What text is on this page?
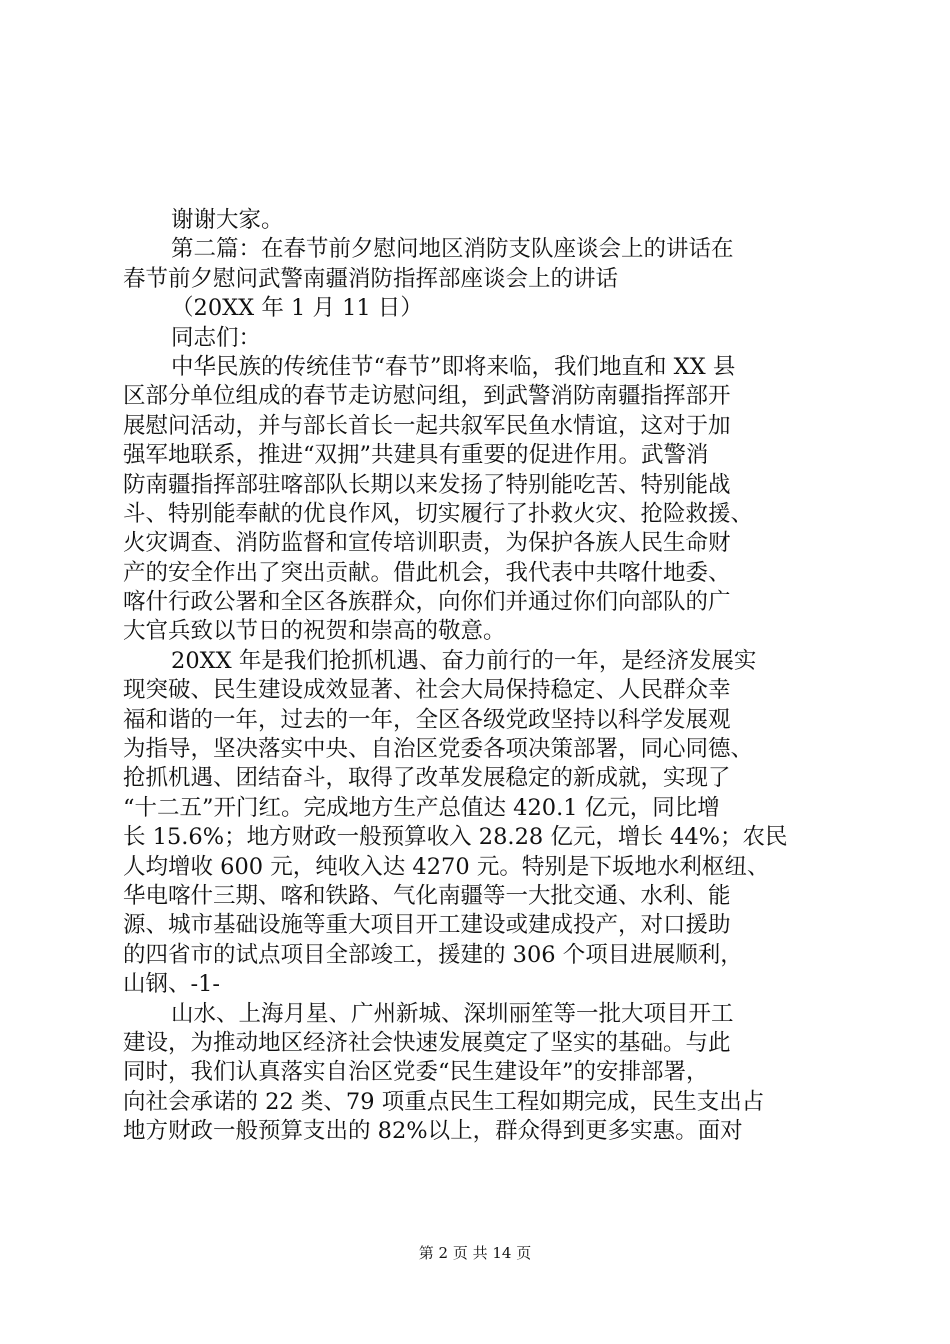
谢谢大家。
第二篇：在春节前夕慰问地区消防支队座谈会上的讲话在
春节前夕慰问武警南疆消防指挥部座谈会上的讲话
（20XX 年 1 月 11 日）
同志们：
中华民族的传统佳节“春节”即将来临，我们地直和 XX 县
区部分单位组成的春节走访慰问组，到武警消防南疆指挥部开
展慰问活动，并与部长首长一起共叙军民鱼水情谊，这对于加
强军地联系，推进“双拥”共建具有重要的促进作用。武警消
防南疆指挥部驻喀部队长期以来发扬了特别能吃苦、特别能战
斗、特别能奉献的优良作风，切实履行了扑救火灾、抢险救援、
火灾调查、消防监督和宣传培训职责，为保护各族人民生命财
产的安全作出了突出贡献。借此机会，我代表中共喀什地委、
喀什行政公署和全区各族群众，向你们并通过你们向部队的广
大官兵致以节日的祝贺和崇高的敬意。
20XX 年是我们抢抓机遇、奋力前行的一年，是经济发展实
现突破、民生建设成效显著、社会大局保持稳定、人民群众幸
福和谐的一年，过去的一年，全区各级党政坚持以科学发展观
为指导，坚决落实中央、自治区党委各项决策部署，同心同德、
抢抓机遇、团结奋斗，取得了改革发展稳定的新成就，实现了
“十二五”开门红。完成地方生产总值达 420.1 亿元，同比增
长 15.6%；地方财政一般预算收入 28.28 亿元，增长 44%；农民
人均增收 600 元，纯收入达 4270 元。特别是下坂地水利枢纽、
华电喀什三期、喀和铁路、气化南疆等一大批交通、水利、能
源、城市基础设施等重大项目开工建设或建成投产，对口援助
的四省市的试点项目全部竣工，援建的 306 个项目进展顺利，
山钢、-1-
山水、上海月星、广州新城、深圳丽笙等一批大项目开工
建设，为推动地区经济社会快速发展奠定了坚实的基础。与此
同时，我们认真落实自治区党委“民生建设年”的安排部署，
向社会承诺的 22 类、79 项重点民生工程如期完成，民生支出占
地方财政一般预算支出的 82%以上，群众得到更多实惠。面对
第 2 页 共 14 页
